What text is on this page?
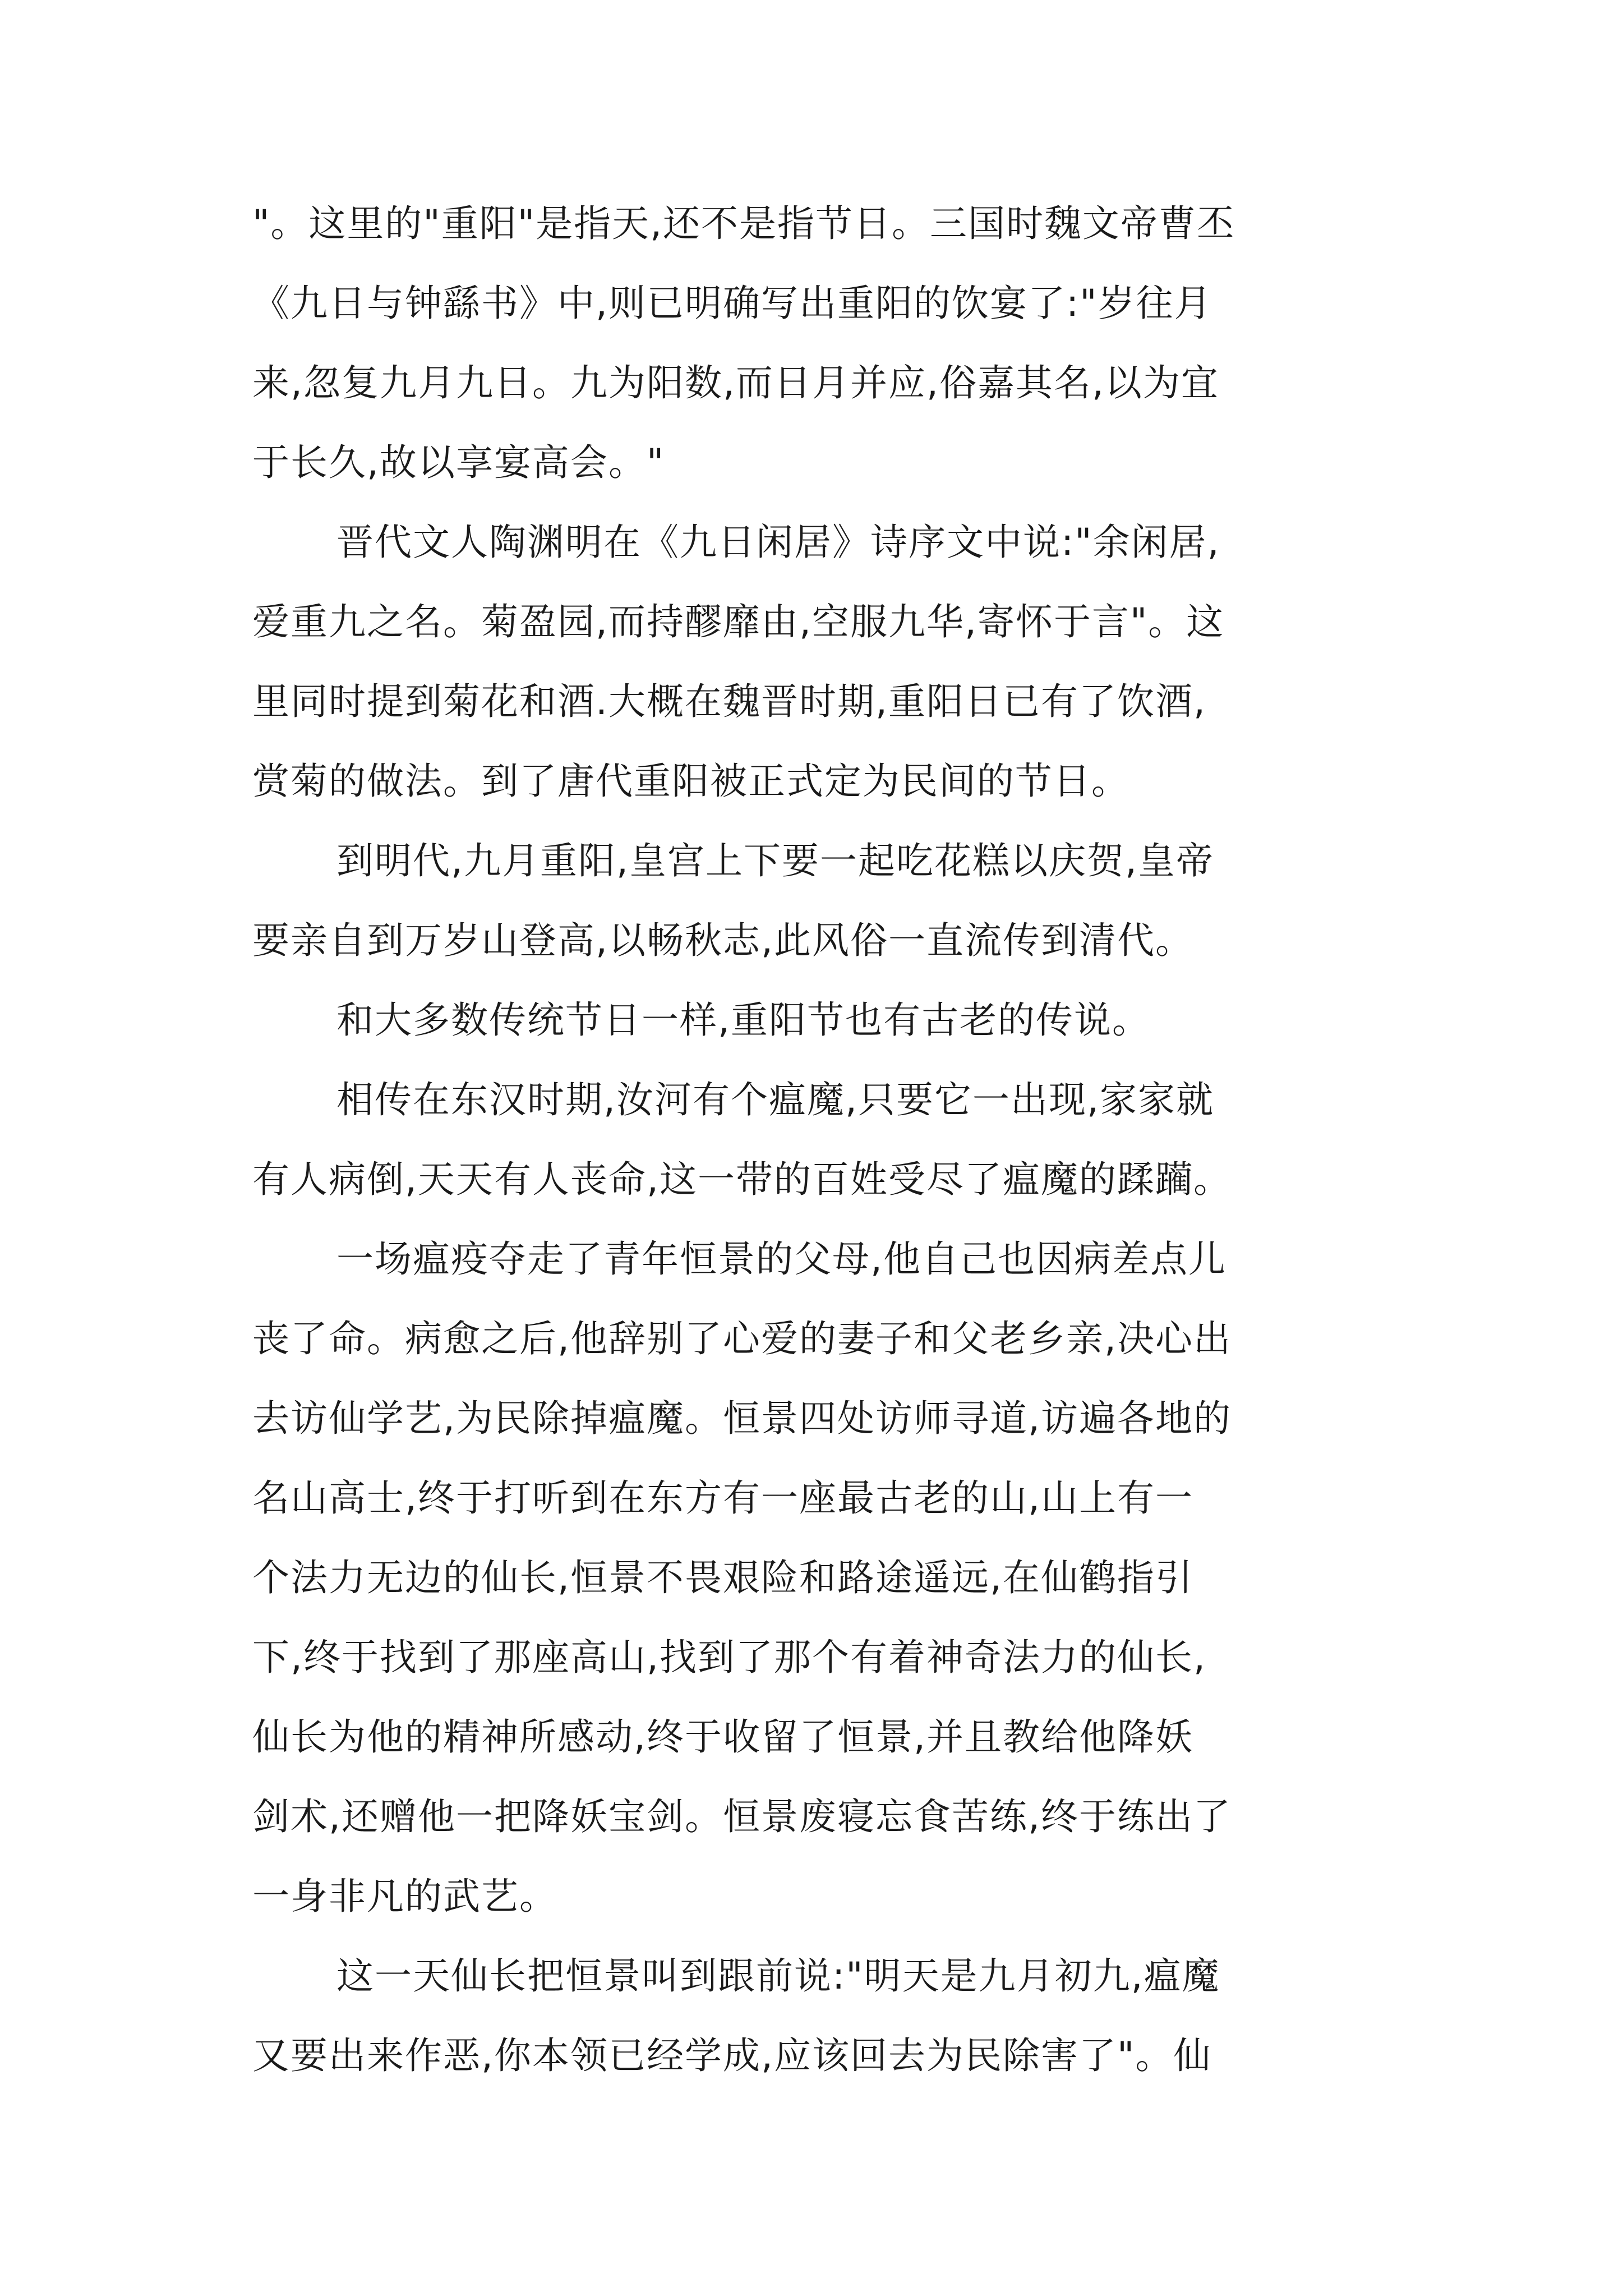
"。这里的"重阳"是指天,还不是指节日。三国时魏文帝曹丕
《九日与钟繇书》中,则已明确写出重阳的饮宴了:"岁往月
来,忽复九月九日。九为阳数,而日月并应,俗嘉其名,以为宜
于长久,故以享宴高会。"
晋代文人陶渊明在《九日闲居》诗序文中说:"余闲居,
爱重九之名。菊盈园,而持醪靡由,空服九华,寄怀于言"。这
里同时提到菊花和酒.大概在魏晋时期,重阳日已有了饮酒,
赏菊的做法。到了唐代重阳被正式定为民间的节日。
到明代,九月重阳,皇宫上下要一起吃花糕以庆贺,皇帝
要亲自到万岁山登高,以畅秋志,此风俗一直流传到清代。
和大多数传统节日一样,重阳节也有古老的传说。
相传在东汉时期,汝河有个瘟魔,只要它一出现,家家就
有人病倒,天天有人丧命,这一带的百姓受尽了瘟魔的蹂躏。
一场瘟疫夺走了青年恒景的父母,他自己也因病差点儿
丧了命。病愈之后,他辞别了心爱的妻子和父老乡亲,决心出
去访仙学艺,为民除掉瘟魔。恒景四处访师寻道,访遍各地的
名山高士,终于打听到在东方有一座最古老的山,山上有一
个法力无边的仙长,恒景不畏艰险和路途遥远,在仙鹤指引
下,终于找到了那座高山,找到了那个有着神奇法力的仙长,
仙长为他的精神所感动,终于收留了恒景,并且教给他降妖
剑术,还赠他一把降妖宝剑。恒景废寝忘食苦练,终于练出了
一身非凡的武艺。
这一天仙长把恒景叫到跟前说:"明天是九月初九,瘟魔
又要出来作恶,你本领已经学成,应该回去为民除害了"。仙
